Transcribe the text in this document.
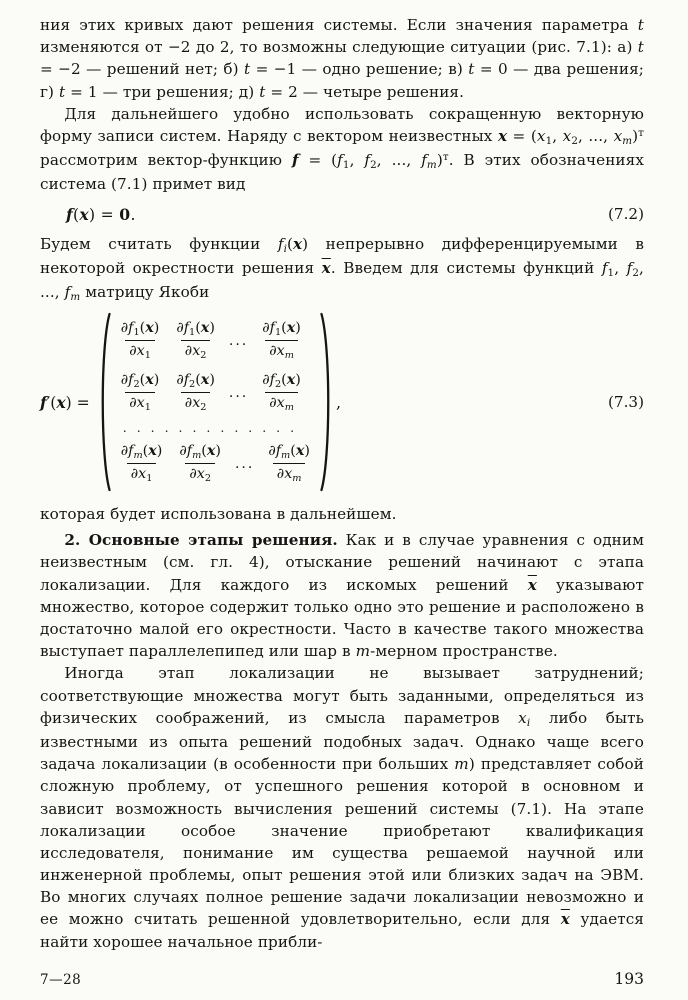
ния этих кривых дают решения системы. Если значения параметра t изменяются от −2 до 2, то возможны следующие ситуации (рис. 7.1): а) t = −2 — решений нет; б) t = −1 — одно решение; в) t = 0 — два решения; г) t = 1 — три решения; д) t = 2 — четыре решения.

Для дальнейшего удобно использовать сокращенную векторную форму записи систем. Наряду с вектором неизвестных $x = (x_1$, $x_2$, ..., $x_m)^т$ рассмотрим вектор-функцию $f = (f_1$, $f_2$, ..., $f_m)^т$. В этих обозначениях система (7.1) примет вид

f(x) = 0.	(7.2)

Будем считать функции $f_i(x)$ непрерывно дифференцируемыми в некоторой окрестности решения $\overline{x}$. Введем для системы функций $f_1$, $f_2$, ..., $f_m$ матрицу Якоби

f′(x) =
$\frac{\partial f_1(x)}{\partial x_1} \frac{\partial f_1(x)}{\partial x_2}$ ... $\frac{\partial f_1(x)}{\partial x_m}$
$\frac{\partial f_2(x)}{\partial x_1} \frac{\partial f_2(x)}{\partial x_2}$ ... $\frac{\partial f_2(x)}{\partial x_m}$
. . . . . . . . . . . . .
$\frac{\partial f_m(x)}{\partial x_1} \frac{\partial f_m(x)}{\partial x_2}$ ... $\frac{\partial f_m(x)}{\partial x_m}$
,	(7.3)

которая будет использована в дальнейшем.

2. Основные этапы решения. Как и в случае уравнения с одним неизвестным (см. гл. 4), отыскание решений начинают с этапа локализации. Для каждого из искомых решений $\overline{x}$ указывают множество, которое содержит только одно это решение и расположено в достаточно малой его окрестности. Часто в качестве такого множества выступает параллелепипед или шар в m-мерном пространстве.

Иногда этап локализации не вызывает затруднений; соответствующие множества могут быть заданными, определяться из физических соображений, из смысла параметров $x_i$ либо быть известными из опыта решений подобных задач. Однако чаще всего задача локализации (в особенности при больших m) представляет собой сложную проблему, от успешного решения которой в основном и зависит возможность вычисления решений системы (7.1). На этапе локализации особое значение приобретают квалификация исследователя, понимание им существа решаемой научной или инженерной проблемы, опыт решения этой или близких задач на ЭВМ. Во многих случаях полное решение задачи локализации невозможно и ее можно считать решенной удовлетворительно, если для $\overline{x}$ удается найти хорошее начальное прибли-

7—28	193
